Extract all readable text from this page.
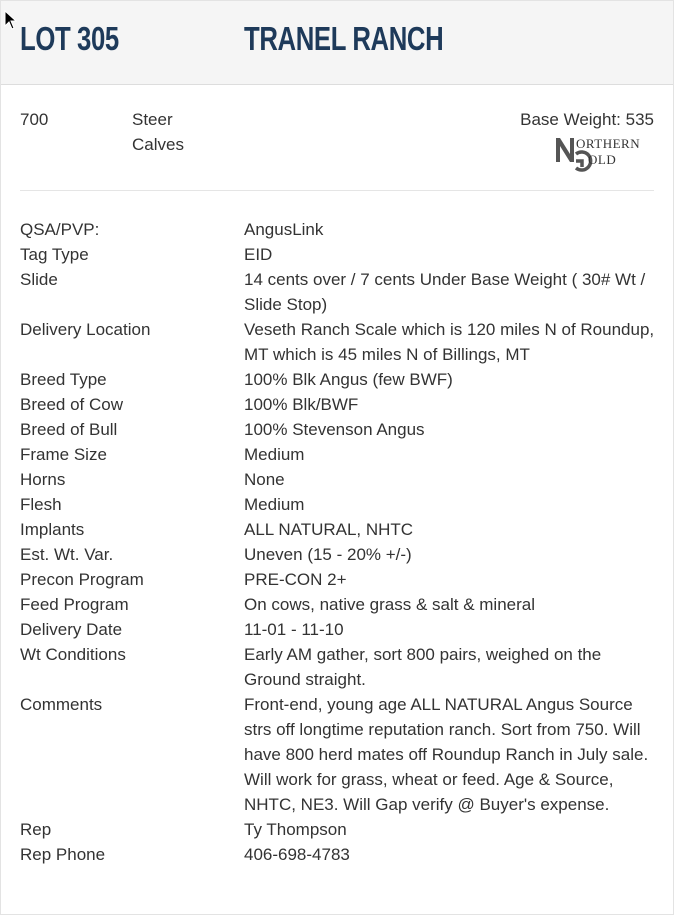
LOT 305	TRANEL RANCH
700	Steer Calves
Base Weight: 535
ORTHERN
OLD
QSA/PVP:	AngusLink
Tag Type	EID
Slide	14 cents over / 7 cents Under Base Weight ( 30# Wt / Slide Stop)
Delivery Location	Veseth Ranch Scale which is 120 miles N of Roundup, MT which is 45 miles N of Billings, MT
Breed Type	100% Blk Angus (few BWF)
Breed of Cow	100% Blk/BWF
Breed of Bull	100% Stevenson Angus
Frame Size	Medium
Horns	None
Flesh	Medium
Implants	ALL NATURAL, NHTC
Est. Wt. Var.	Uneven (15 - 20% +/-)
Precon Program	PRE-CON 2+
Feed Program	On cows, native grass & salt & mineral
Delivery Date	11-01 - 11-10
Wt Conditions	Early AM gather, sort 800 pairs, weighed on the Ground straight.
Comments	Front-end, young age ALL NATURAL Angus Source strs off longtime reputation ranch. Sort from 750. Will have 800 herd mates off Roundup Ranch in July sale. Will work for grass, wheat or feed. Age & Source, NHTC, NE3. Will Gap verify @ Buyer's expense.
Rep	Ty Thompson
Rep Phone	406-698-4783
